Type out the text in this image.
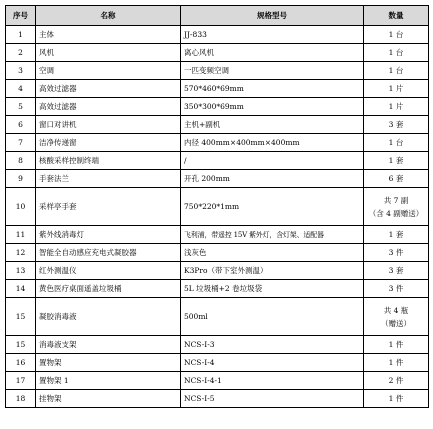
序号	名称	规格型号	数量
1	主体	JJ-833	1 台
2	风机	离心风机	1 台
3	空调	一匹变频空调	1 台
4	高效过滤器	570*460*69mm	1 片
5	高效过滤器	350*300*69mm	1 片
6	窗口对讲机	主机+副机	3 套
7	洁净传递窗	内径 400mm×400mm×400mm	1 台
8	核酸采样控制终端	/	1 套
9	手套法兰	开孔 200mm	6 套
10	采样亭手套	750*220*1mm	共 7 副
（含 4 副赠送）

11	紫外线消毒灯	飞利浦，带遥控 15V 紫外灯，含灯架、适配器	1 套
12	智能全自动感应充电式凝胶器	浅灰色	3 件
13	红外测温仪	K3Pro（带下室外测温）	3 套
14	黄色医疗桌面遥盖垃圾桶	5L 垃圾桶+2 卷垃圾袋	3 件
15	凝胶消毒液	500ml	共 4 瓶
（赠送）

15	消毒液支架	NCS-I-3	1 件
16	置物架	NCS-I-4	1 件
17	置物架 1	NCS-I-4-1	2 件
18	挂物架	NCS-I-5	1 件
